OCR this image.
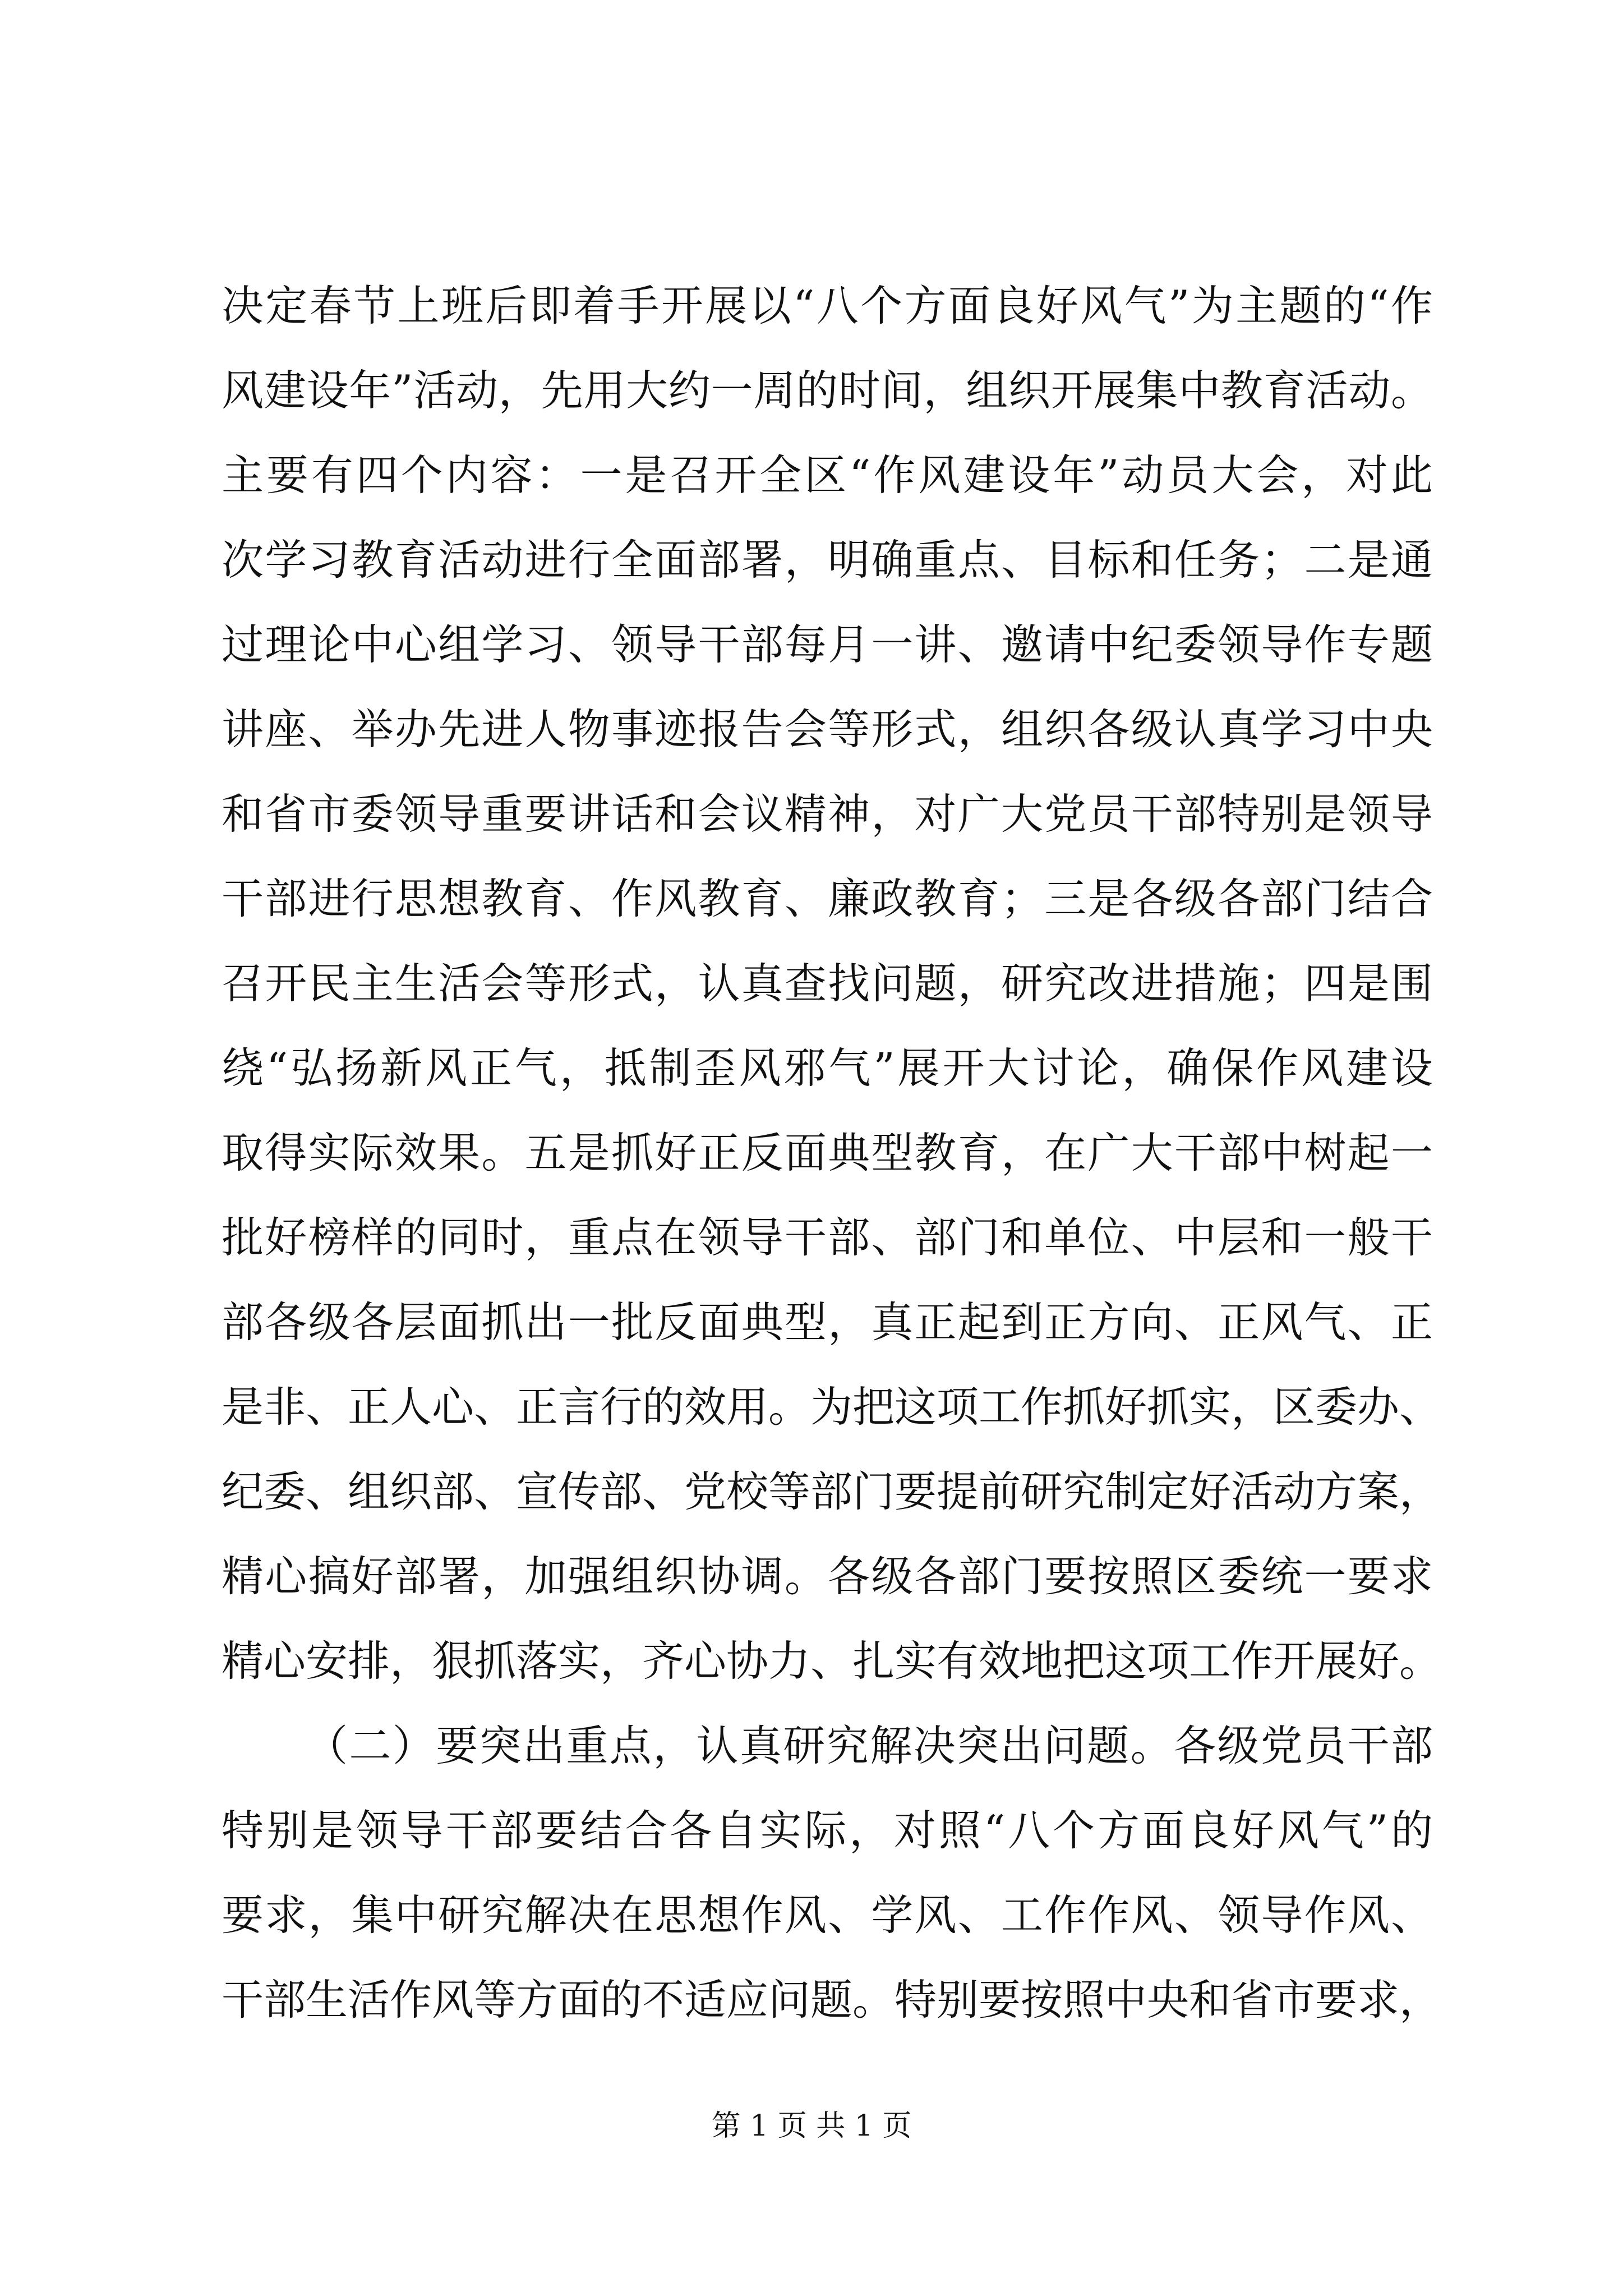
决定春节上班后即着手开展以“八个方面良好风气”为主题的“作
风建设年”活动，先用大约一周的时间，组织开展集中教育活动。
主要有四个内容：一是召开全区“作风建设年”动员大会，对此
次学习教育活动进行全面部署，明确重点、目标和任务；二是通
过理论中心组学习、领导干部每月一讲、邀请中纪委领导作专题
讲座、举办先进人物事迹报告会等形式，组织各级认真学习中央
和省市委领导重要讲话和会议精神，对广大党员干部特别是领导
干部进行思想教育、作风教育、廉政教育；三是各级各部门结合
召开民主生活会等形式，认真查找问题，研究改进措施；四是围
绕“弘扬新风正气，抵制歪风邪气”展开大讨论，确保作风建设
取得实际效果。五是抓好正反面典型教育，在广大干部中树起一
批好榜样的同时，重点在领导干部、部门和单位、中层和一般干
部各级各层面抓出一批反面典型，真正起到正方向、正风气、正
是非、正人心、正言行的效用。为把这项工作抓好抓实，区委办、
纪委、组织部、宣传部、党校等部门要提前研究制定好活动方案，
精心搞好部署，加强组织协调。各级各部门要按照区委统一要求
精心安排，狠抓落实，齐心协力、扎实有效地把这项工作开展好。
（二）要突出重点，认真研究解决突出问题。各级党员干部
特别是领导干部要结合各自实际，对照“八个方面良好风气”的
要求，集中研究解决在思想作风、学风、工作作风、领导作风、
干部生活作风等方面的不适应问题。特别要按照中央和省市要求，
第 1 页 共 1 页
